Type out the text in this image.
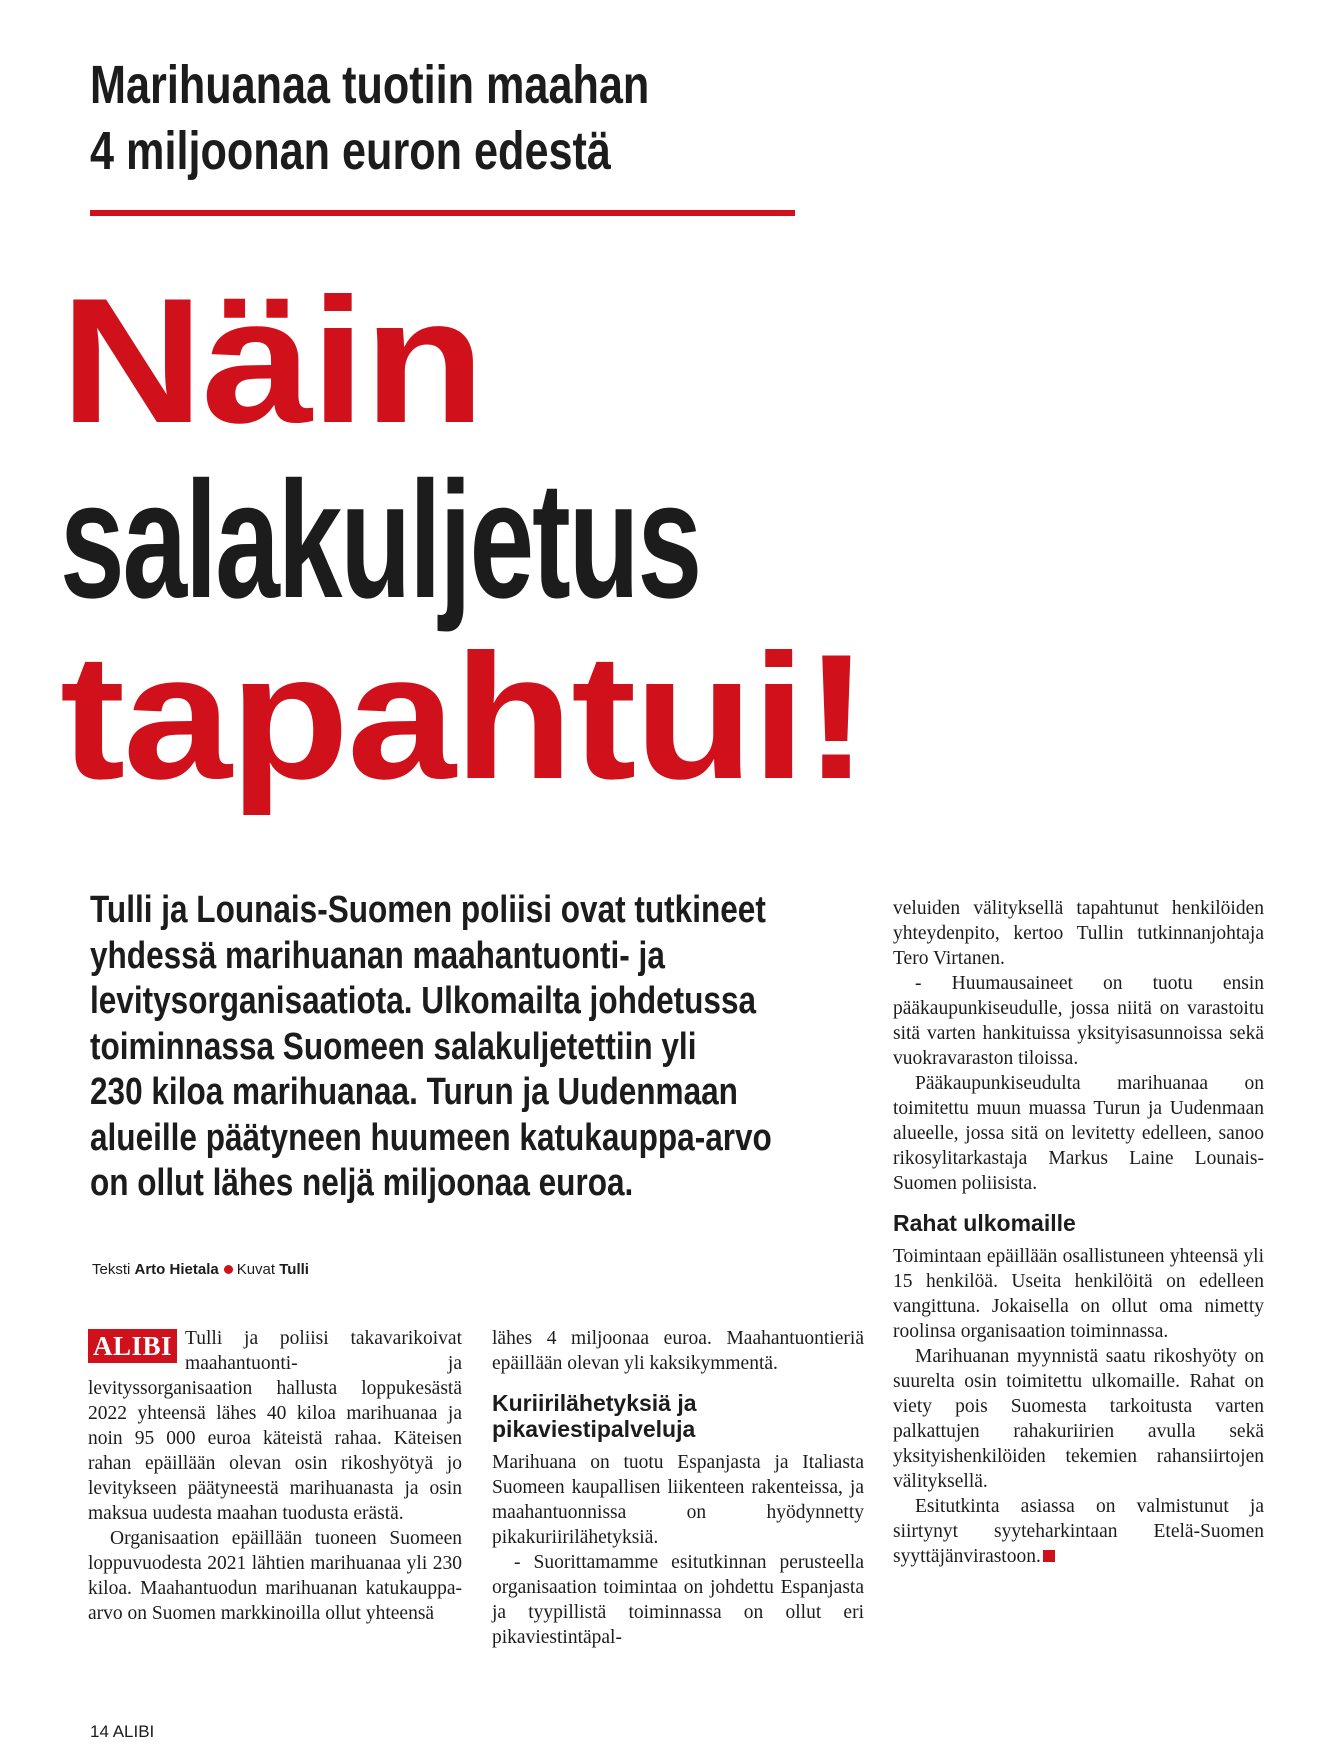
Marihuanaa tuotiin maahan
4 miljoonan euron edestä
Näin
salakuljetus
tapahtui!
Tulli ja Lounais-Suomen poliisi ovat tutkineet
yhdessä marihuanan maahantuonti- ja
levitysorganisaatiota. Ulkomailta johdetussa
toiminnassa Suomeen salakuljetettiin yli
230 kiloa marihuanaa. Turun ja Uudenmaan
alueille päätyneen huumeen katukauppa-arvo
on ollut lähes neljä miljoonaa euroa.
Teksti Arto Hietala Kuvat Tulli

ALIBI Tulli ja poliisi takavarikoivat maahantuonti- ja levityssorganisaation hallusta loppukesästä 2022 yhteensä lähes 40 kiloa marihuanaa ja noin 95 000 euroa käteistä rahaa. Käteisen rahan epäillään olevan osin rikoshyötyä jo levitykseen päätyneestä marihuanasta ja osin maksua uudesta maahan tuodusta erästä.

Organisaation epäillään tuoneen Suomeen loppuvuodesta 2021 lähtien marihuanaa yli 230 kiloa. Maahantuodun marihuanan katukauppa-arvo on Suomen markkinoilla ollut yhteensä

lähes 4 miljoonaa euroa. Maahantuontieriä epäillään olevan yli kaksikymmentä.

Kuriirilähetyksiä ja pikaviestipalveluja

Marihuana on tuotu Espanjasta ja Italiasta Suomeen kaupallisen liikenteen rakenteissa, ja maahantuonnissa on hyödynnetty pikakuriirilähetyksiä.

- Suorittamamme esitutkinnan perusteella organisaation toimintaa on johdettu Espanjasta ja tyypillistä toiminnassa on ollut eri pikaviestintäpal-

veluiden välityksellä tapahtunut henkilöiden yhteydenpito, kertoo Tullin tutkinnanjohtaja Tero Virtanen.

- Huumausaineet on tuotu ensin pääkaupunkiseudulle, jossa niitä on varastoitu sitä varten hankituissa yksityisasunnoissa sekä vuokravaraston tiloissa.

Pääkaupunkiseudulta marihuanaa on toimitettu muun muassa Turun ja Uudenmaan alueelle, jossa sitä on levitetty edelleen, sanoo rikosylitarkastaja Markus Laine Lounais-Suomen poliisista.

Rahat ulkomaille

Toimintaan epäillään osallistuneen yhteensä yli 15 henkilöä. Useita henkilöitä on edelleen vangittuna. Jokaisella on ollut oma nimetty roolinsa organisaation toiminnassa.

Marihuanan myynnistä saatu rikoshyöty on suurelta osin toimitettu ulkomaille. Rahat on viety pois Suomesta tarkoitusta varten palkattujen rahakuriirien avulla sekä yksityishenkilöiden tekemien rahansiirtojen välityksellä.

Esitutkinta asiassa on valmistunut ja siirtynyt syyteharkintaan Etelä-Suomen syyttäjänvirastoon.

14 ALIBI
